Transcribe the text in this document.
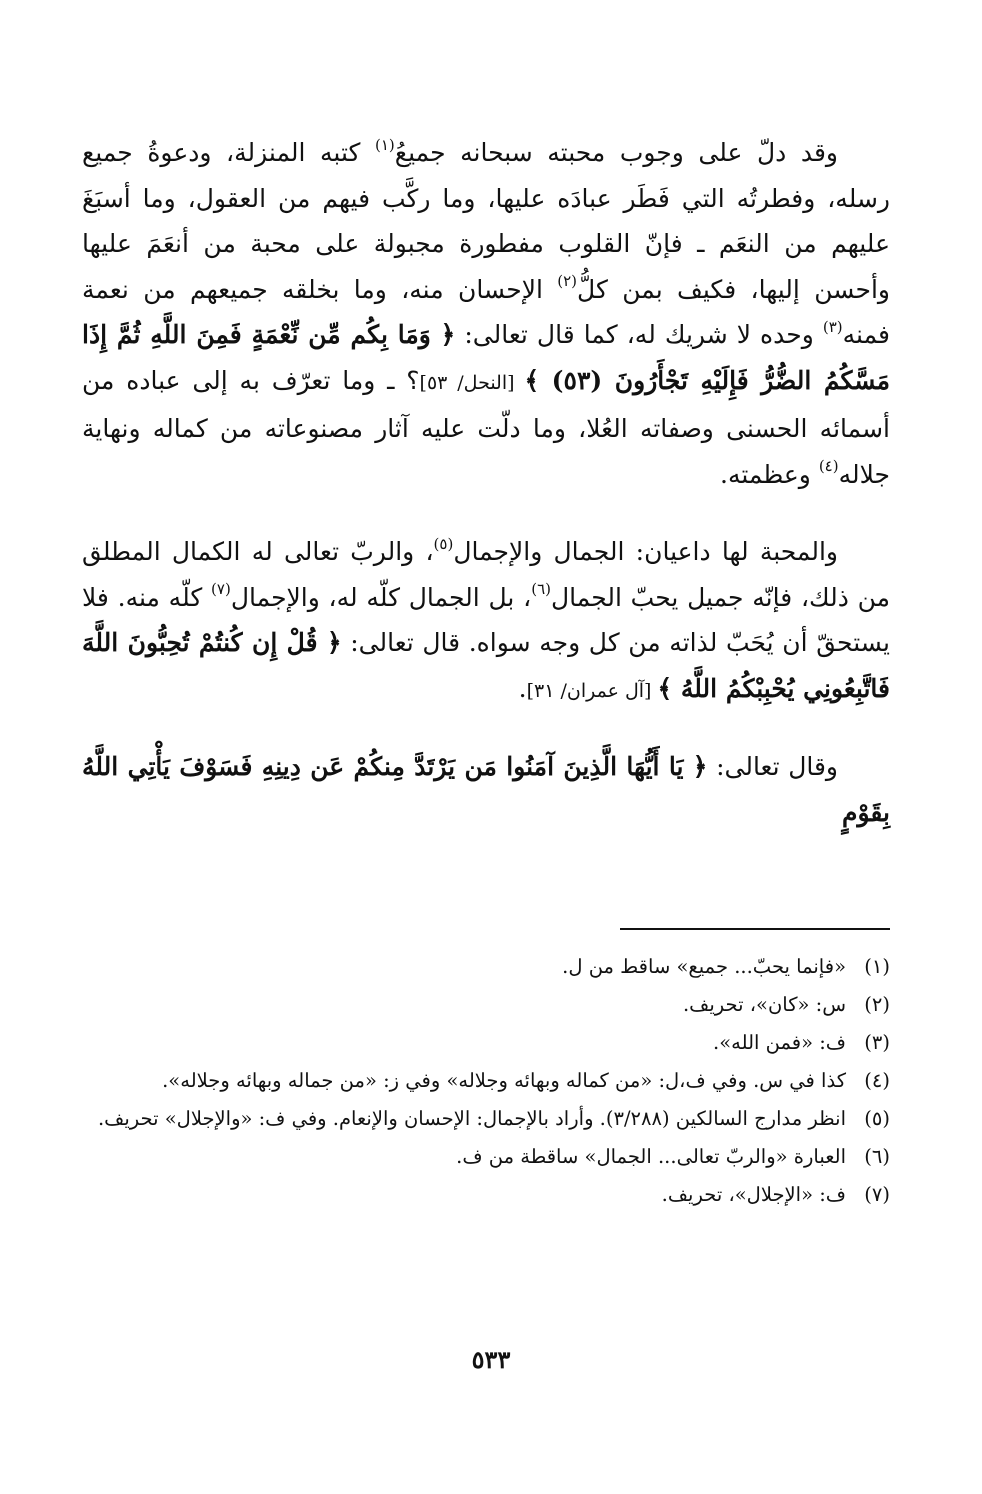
وقد دلّ على وجوب محبته سبحانه جميعُ$^{(١)}$ كتبه المنزلة، ودعوةُ جميع رسله، وفطرتُه التي فَطَر عبادَه عليها، وما ركَّب فيهم من العقول، وما أسبَغَ عليهم من النعَم ـ فإنّ القلوب مفطورة مجبولة على محبة من أنعَمَ عليها وأحسن إليها، فكيف بمن كلُّ$^{(٢)}$ الإحسان منه، وما بخلقه جميعهم من نعمة فمنه$^{(٣)}$ وحده لا شريك له، كما قال تعالى: ﴿ وَمَا بِكُم مِّن نِّعْمَةٍ فَمِنَ اللَّهِ ثُمَّ إِذَا مَسَّكُمُ الضُّرُّ فَإِلَيْهِ تَجْأَرُونَ (٥٣) ﴾ [النحل/ ٥٣]؟ ـ وما تعرّف به إلى عباده من أسمائه الحسنى وصفاته العُلا، وما دلّت عليه آثار مصنوعاته من كماله ونهاية جلاله$^{(٤)}$ وعظمته.

والمحبة لها داعيان: الجمال والإجمال$^{(٥)}$، والربّ تعالى له الكمال المطلق من ذلك، فإنّه جميل يحبّ الجمال$^{(٦)}$، بل الجمال كلّه له، والإجمال$^{(٧)}$ كلّه منه. فلا يستحقّ أن يُحَبّ لذاته من كل وجه سواه. قال تعالى: ﴿ قُلْ إِن كُنتُمْ تُحِبُّونَ اللَّهَ فَاتَّبِعُونِي يُحْبِبْكُمُ اللَّهُ ﴾ [آل عمران/ ٣١].

وقال تعالى: ﴿ يَا أَيُّهَا الَّذِينَ آمَنُوا مَن يَرْتَدَّ مِنكُمْ عَن دِينِهِ فَسَوْفَ يَأْتِي اللَّهُ بِقَوْمٍ

(١)
«فإنما يحبّ... جميع» ساقط من ل.
(٢)
س: «كان»، تحريف.
(٣)
ف: «فمن الله».
(٤)
كذا في س. وفي ف،ل: «من كماله وبهائه وجلاله» وفي ز: «من جماله وبهائه وجلاله».
(٥)
انظر مدارج السالكين (٣/٢٨٨). وأراد بالإجمال: الإحسان والإنعام. وفي ف: «والإجلال» تحريف.
(٦)
العبارة «والربّ تعالى... الجمال» ساقطة من ف.
(٧)
ف: «الإجلال»، تحريف.
٥٣٣
